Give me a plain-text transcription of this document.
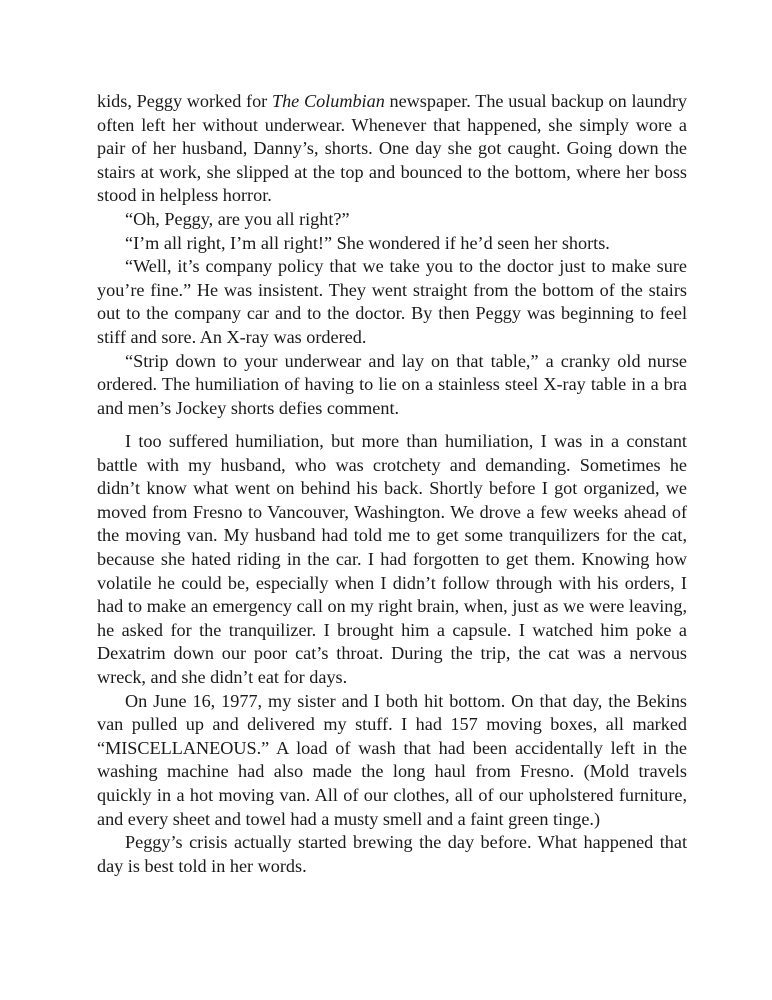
kids, Peggy worked for The Columbian newspaper. The usual backup on laundry often left her without underwear. Whenever that happened, she simply wore a pair of her husband, Danny’s, shorts. One day she got caught. Going down the stairs at work, she slipped at the top and bounced to the bottom, where her boss stood in helpless horror.

“Oh, Peggy, are you all right?”

“I’m all right, I’m all right!” She wondered if he’d seen her shorts.

“Well, it’s company policy that we take you to the doctor just to make sure you’re fine.” He was insistent. They went straight from the bottom of the stairs out to the company car and to the doctor. By then Peggy was beginning to feel stiff and sore. An X-ray was ordered.

“Strip down to your underwear and lay on that table,” a cranky old nurse ordered. The humiliation of having to lie on a stainless steel X-ray table in a bra and men’s Jockey shorts defies comment.

I too suffered humiliation, but more than humiliation, I was in a constant battle with my husband, who was crotchety and demanding. Sometimes he didn’t know what went on behind his back. Shortly before I got organized, we moved from Fresno to Vancouver, Washington. We drove a few weeks ahead of the moving van. My husband had told me to get some tranquilizers for the cat, because she hated riding in the car. I had forgotten to get them. Knowing how volatile he could be, especially when I didn’t follow through with his orders, I had to make an emergency call on my right brain, when, just as we were leaving, he asked for the tranquilizer. I brought him a capsule. I watched him poke a Dexatrim down our poor cat’s throat. During the trip, the cat was a nervous wreck, and she didn’t eat for days.

On June 16, 1977, my sister and I both hit bottom. On that day, the Bekins van pulled up and delivered my stuff. I had 157 moving boxes, all marked “MISCELLANEOUS.” A load of wash that had been accidentally left in the washing machine had also made the long haul from Fresno. (Mold travels quickly in a hot moving van. All of our clothes, all of our upholstered furniture, and every sheet and towel had a musty smell and a faint green tinge.)

Peggy’s crisis actually started brewing the day before. What happened that day is best told in her words.
